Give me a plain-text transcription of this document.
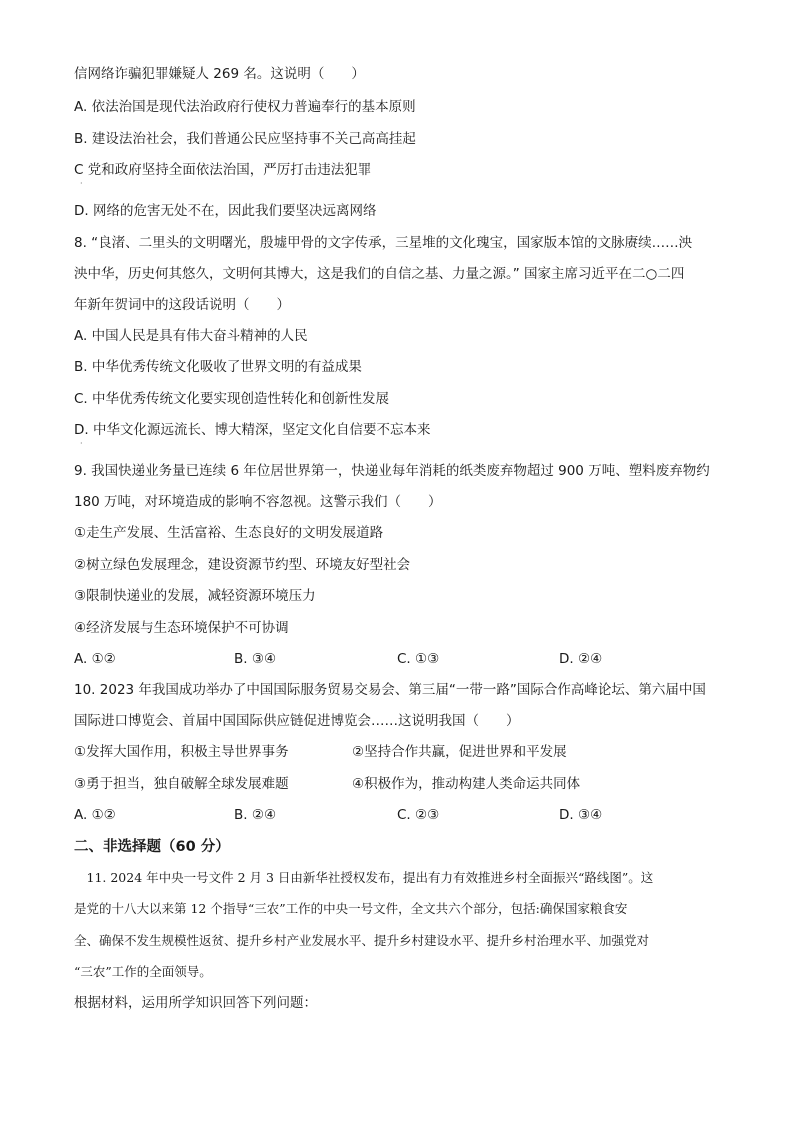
信网络诈骗犯罪嫌疑人 269 名。这说明（　　）
A. 依法治国是现代法治政府行使权力普遍奉行的基本原则
B. 建设法治社会，我们普通公民应坚持事不关己高高挂起
C 党和政府坚持全面依法治国，严厉打击违法犯罪
·
D. 网络的危害无处不在，因此我们要坚决远离网络
8. “良渚、二里头的文明曙光，殷墟甲骨的文字传承，三星堆的文化瑰宝，国家版本馆的文脉赓续……泱
泱中华，历史何其悠久，文明何其博大，这是我们的自信之基、力量之源。” 国家主席习近平在二○二四
年新年贺词中的这段话说明（　　）
A. 中国人民是具有伟大奋斗精神的人民
B. 中华优秀传统文化吸收了世界文明的有益成果
C. 中华优秀传统文化要实现创造性转化和创新性发展
D. 中华文化源远流长、博大精深，坚定文化自信要不忘本来
·
9. 我国快递业务量已连续 6 年位居世界第一，快递业每年消耗的纸类废弃物超过 900 万吨、塑料废弃物约
180 万吨，对环境造成的影响不容忽视。这警示我们（　　）
①走生产发展、生活富裕、生态良好的文明发展道路
②树立绿色发展理念，建设资源节约型、环境友好型社会
③限制快递业的发展，减轻资源环境压力
④经济发展与生态环境保护不可协调
A. ①②	B. ③④	C. ①③	D. ②④
10. 2023 年我国成功举办了中国国际服务贸易交易会、第三届“一带一路”国际合作高峰论坛、第六届中国
国际进口博览会、首届中国国际供应链促进博览会……这说明我国（　　）
①发挥大国作用，积极主导世界事务	②坚持合作共赢，促进世界和平发展
③勇于担当，独自破解全球发展难题	④积极作为，推动构建人类命运共同体
A. ①②	B. ②④	C. ②③	D. ③④
二、非选择题（60 分）
　11. 2024 年中央一号文件 2 月 3 日由新华社授权发布，提出有力有效推进乡村全面振兴“路线图”。这
是党的十八大以来第 12 个指导“三农”工作的中央一号文件，全文共六个部分，包括:确保国家粮食安
全、确保不发生规模性返贫、提升乡村产业发展水平、提升乡村建设水平、提升乡村治理水平、加强党对
“三农”工作的全面领导。
根据材料，运用所学知识回答下列问题：
